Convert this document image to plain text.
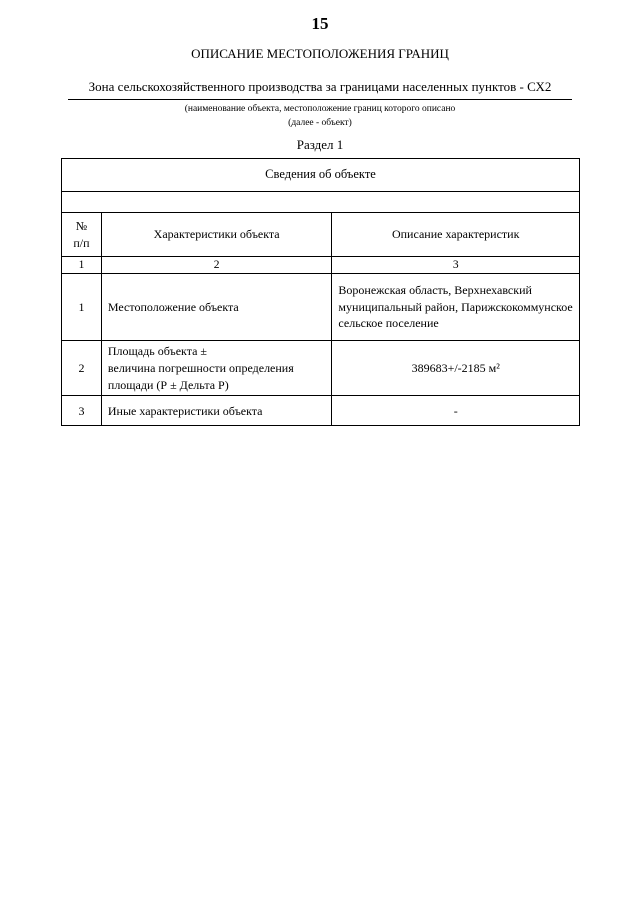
15
ОПИСАНИЕ МЕСТОПОЛОЖЕНИЯ ГРАНИЦ
Зона сельскохозяйственного производства за границами населенных пунктов - СХ2
(наименование объекта, местоположение границ которого описано
(далее - объект)
Раздел 1
Сведения об объекте		

№
п/п	Характеристики объекта	Описание характеристик
1	2	3
1	Местоположение объекта	Воронежская область, Верхнехавский муниципальный район, Парижскокоммунское сельское поселение
2	Площадь объекта ±
величина погрешности определения площади (Р ± Дельта Р)	389683+/-2185 м²
3	Иные характеристики объекта	-
